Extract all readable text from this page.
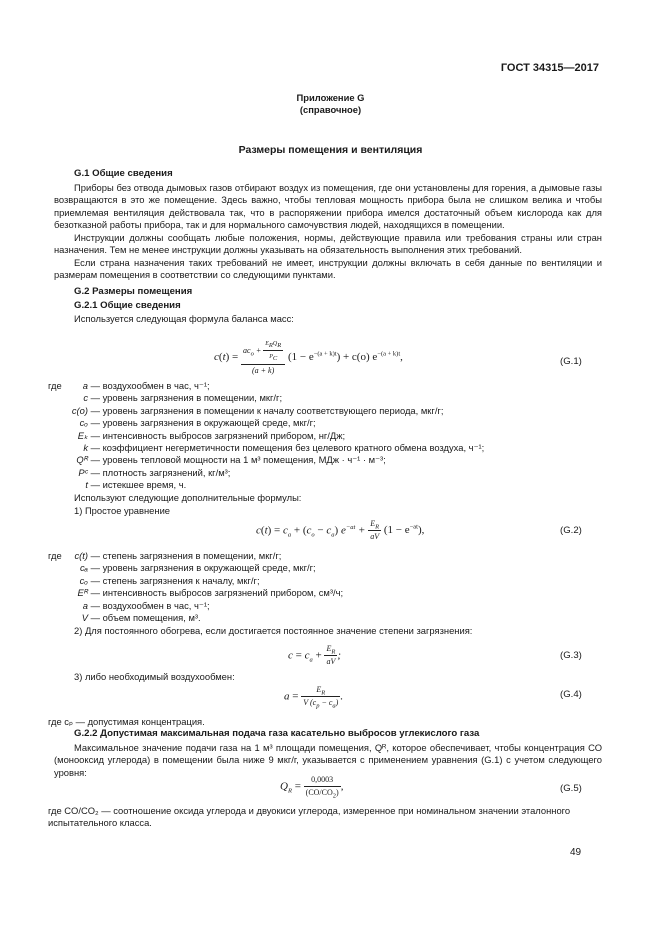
ГОСТ 34315—2017
Приложение G
(справочное)
Размеры помещения и вентиляция
G.1 Общие сведения
Приборы без отвода дымовых газов отбирают воздух из помещения, где они установлены для горения, а дымовые газы возвращаются в это же помещение. Здесь важно, чтобы тепловая мощность прибора была не слишком велика и чтобы приемлемая вентиляция действовала так, что в распоряжении прибора имелся достаточный объем кислорода как для безотказной работы прибора, так и для нормального самочувствия людей, находящихся в помещении.
Инструкции должны сообщать любые положения, нормы, действующие правила или требования страны или стран назначения. Тем не менее инструкции должны указывать на обязательность выполнения этих требований.
Если страна назначения таких требований не имеет, инструкции должны включать в себя данные по вентиляции и размерам помещения в соответствии со следующими пунктами.
G.2 Размеры помещения
G.2.1 Общие сведения
Используется следующая формула баланса масс:
$c(t) = \frac{ac_o + \frac{E_RQ_R}{P_C}}{(a + k)} (1 - e^{-(a + k)t}) + c(o)$ $e^{-(a + k)t}$,	(G.1)
гдеa — воздухообмен в час, ч⁻¹;
c — уровень загрязнения в помещении, мкг/г;
c(o) — уровень загрязнения в помещении к началу соответствующего периода, мкг/г;
cₒ — уровень загрязнения в окружающей среде, мкг/г;
Eₖ — интенсивность выбросов загрязнений прибором, нг/Дж;
k — коэффициент негерметичности помещения без целевого кратного обмена воздуха, ч⁻¹;
Qᴿ — уровень тепловой мощности на 1 м³ помещения, МДж · ч⁻¹ · м⁻³;
Pᶜ — плотность загрязнений, кг/м³;
t — истекшее время, ч.
Используют следующие дополнительные формулы:
1) Простое уравнение
$c(t) = c_a + (c_o - c_a) e^{-at} + \frac{E_R}{aV} (1 - e^{-at})$,	(G.2)
гдеc(t) — степень загрязнения в помещении, мкг/г;
cₐ — уровень загрязнения в окружающей среде, мкг/г;
cₒ — степень загрязнения к началу, мкг/г;
Eᴿ — интенсивность выбросов загрязнений прибором, см³/ч;
a — воздухообмен в час, ч⁻¹;
V — объем помещения, м³.
2) Для постоянного обогрева, если достигается постоянное значение степени загрязнения:
$c = c_a + \frac{E_R}{aV}$ ;	(G.3)
3) либо необходимый воздухообмен:
$a = \frac{E_R}{V (c_p - c_a)}$ .	(G.4)
где cₚ — допустимая концентрация.
G.2.2 Допустимая максимальная подача газа касательно выбросов углекислого газа
Максимальное значение подачи газа на 1 м³ площади помещения, Qᴿ, которое обеспечивает, чтобы концентрация СО (монооксид углерода) в помещении была ниже 9 мкг/г, указывается с применением уравнения (G.1) с учетом следующего уровня:
$Q_R = \frac{0,0003}{(CO/CO_2)}$ ,	(G.5)
где CO/CO₂ — соотношение оксида углерода и двуокиси углерода, измеренное при номинальном значении эталонного испытательного класса.
49
